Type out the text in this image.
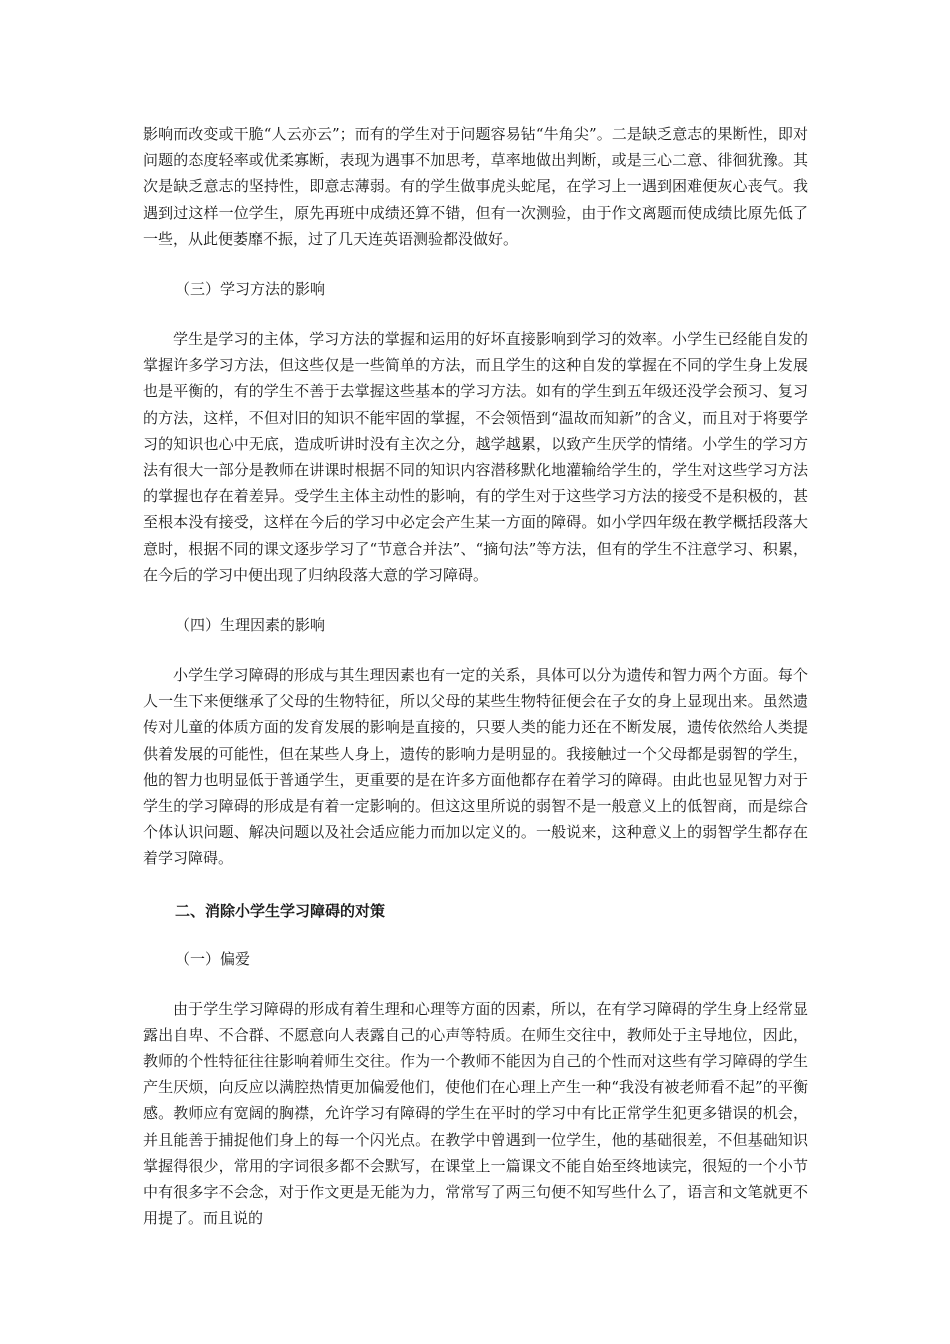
影响而改变或干脆“人云亦云”；而有的学生对于问题容易钻“牛角尖”。二是缺乏意志的果断性，即对问题的态度轻率或优柔寡断，表现为遇事不加思考，草率地做出判断，或是三心二意、徘徊犹豫。其次是缺乏意志的坚持性，即意志薄弱。有的学生做事虎头蛇尾，在学习上一遇到困难便灰心丧气。我遇到过这样一位学生，原先再班中成绩还算不错，但有一次测验，由于作文离题而使成绩比原先低了一些，从此便萎靡不振，过了几天连英语测验都没做好。

（三）学习方法的影响

学生是学习的主体，学习方法的掌握和运用的好坏直接影响到学习的效率。小学生已经能自发的掌握许多学习方法，但这些仅是一些简单的方法，而且学生的这种自发的掌握在不同的学生身上发展也是平衡的，有的学生不善于去掌握这些基本的学习方法。如有的学生到五年级还没学会预习、复习的方法，这样，不但对旧的知识不能牢固的掌握，不会领悟到“温故而知新”的含义，而且对于将要学习的知识也心中无底，造成听讲时没有主次之分，越学越累，以致产生厌学的情绪。小学生的学习方法有很大一部分是教师在讲课时根据不同的知识内容潜移默化地灌输给学生的，学生对这些学习方法的掌握也存在着差异。受学生主体主动性的影响，有的学生对于这些学习方法的接受不是积极的，甚至根本没有接受，这样在今后的学习中必定会产生某一方面的障碍。如小学四年级在教学概括段落大意时，根据不同的课文逐步学习了“节意合并法”、“摘句法”等方法，但有的学生不注意学习、积累，在今后的学习中便出现了归纳段落大意的学习障碍。

（四）生理因素的影响

小学生学习障碍的形成与其生理因素也有一定的关系，具体可以分为遗传和智力两个方面。每个人一生下来便继承了父母的生物特征，所以父母的某些生物特征便会在子女的身上显现出来。虽然遗传对儿童的体质方面的发育发展的影响是直接的，只要人类的能力还在不断发展，遗传依然给人类提供着发展的可能性，但在某些人身上，遗传的影响力是明显的。我接触过一个父母都是弱智的学生，他的智力也明显低于普通学生，更重要的是在许多方面他都存在着学习的障碍。由此也显见智力对于学生的学习障碍的形成是有着一定影响的。但这这里所说的弱智不是一般意义上的低智商，而是综合个体认识问题、解决问题以及社会适应能力而加以定义的。一般说来，这种意义上的弱智学生都存在着学习障碍。

二、消除小学生学习障碍的对策

（一）偏爱

由于学生学习障碍的形成有着生理和心理等方面的因素，所以，在有学习障碍的学生身上经常显露出自卑、不合群、不愿意向人表露自己的心声等特质。在师生交往中，教师处于主导地位，因此，教师的个性特征往往影响着师生交往。作为一个教师不能因为自己的个性而对这些有学习障碍的学生产生厌烦，向反应以满腔热情更加偏爱他们，使他们在心理上产生一种“我没有被老师看不起”的平衡感。教师应有宽阔的胸襟，允许学习有障碍的学生在平时的学习中有比正常学生犯更多错误的机会，并且能善于捕捉他们身上的每一个闪光点。在教学中曾遇到一位学生，他的基础很差，不但基础知识掌握得很少，常用的字词很多都不会默写，在课堂上一篇课文不能自始至终地读完，很短的一个小节中有很多字不会念，对于作文更是无能为力，常常写了两三句便不知写些什么了，语言和文笔就更不用提了。而且说的
